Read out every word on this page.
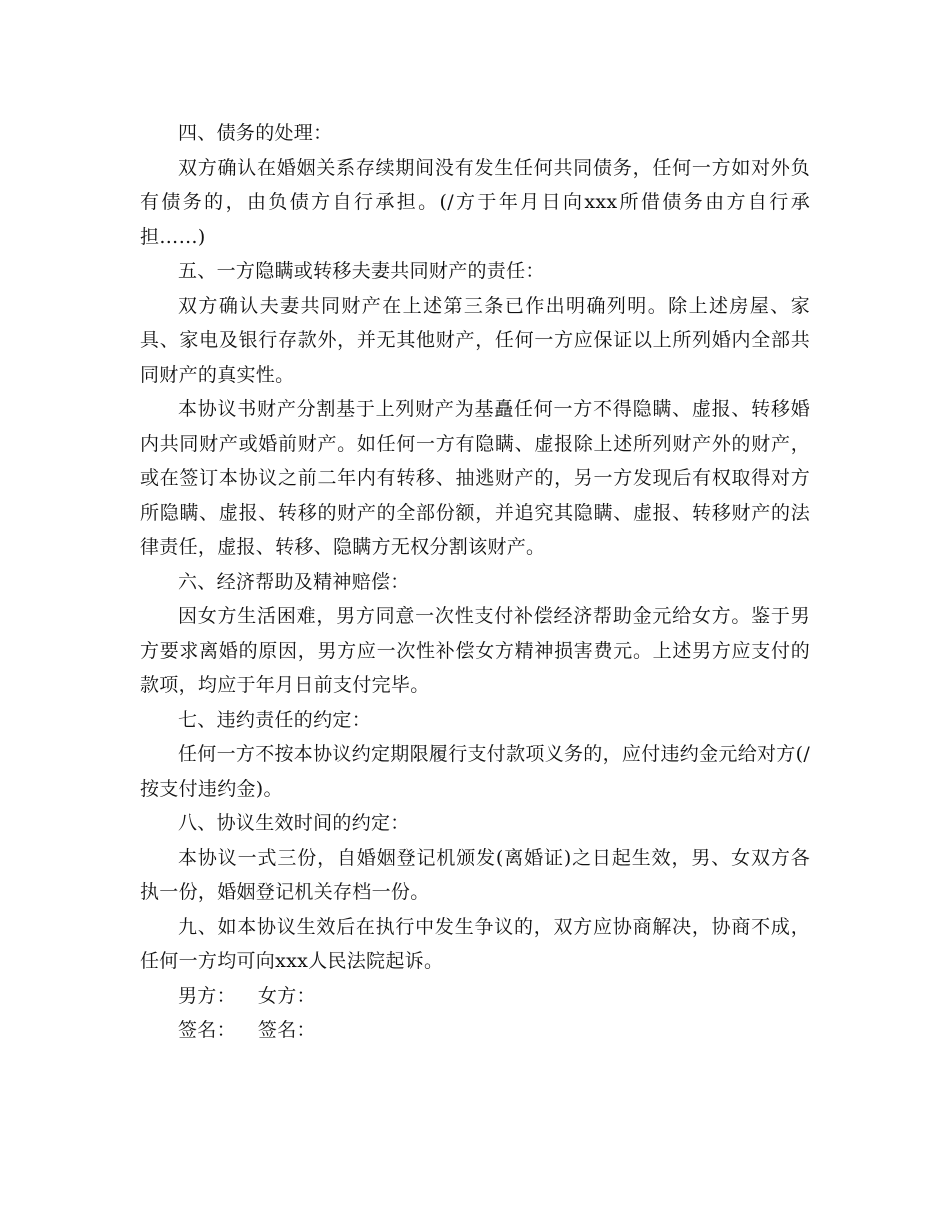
四、债务的处理：

双方确认在婚姻关系存续期间没有发生任何共同债务，任何一方如对外负有债务的，由负债方自行承担。(/方于年月日向xxx所借债务由方自行承担……)

五、一方隐瞒或转移夫妻共同财产的责任：

双方确认夫妻共同财产在上述第三条已作出明确列明。除上述房屋、家具、家电及银行存款外，并无其他财产，任何一方应保证以上所列婚内全部共同财产的真实性。

本协议书财产分割基于上列财产为基矗任何一方不得隐瞒、虚报、转移婚内共同财产或婚前财产。如任何一方有隐瞒、虚报除上述所列财产外的财产，或在签订本协议之前二年内有转移、抽逃财产的，另一方发现后有权取得对方所隐瞒、虚报、转移的财产的全部份额，并追究其隐瞒、虚报、转移财产的法律责任，虚报、转移、隐瞒方无权分割该财产。

六、经济帮助及精神赔偿：

因女方生活困难，男方同意一次性支付补偿经济帮助金元给女方。鉴于男方要求离婚的原因，男方应一次性补偿女方精神损害费元。上述男方应支付的款项，均应于年月日前支付完毕。

七、违约责任的约定：

任何一方不按本协议约定期限履行支付款项义务的，应付违约金元给对方(/按支付违约金)。

八、协议生效时间的约定：

本协议一式三份，自婚姻登记机颁发(离婚证)之日起生效，男、女双方各执一份，婚姻登记机关存档一份。

九、如本协议生效后在执行中发生争议的，双方应协商解决，协商不成，任何一方均可向xxx人民法院起诉。

男方： 女方：
签名： 签名：
